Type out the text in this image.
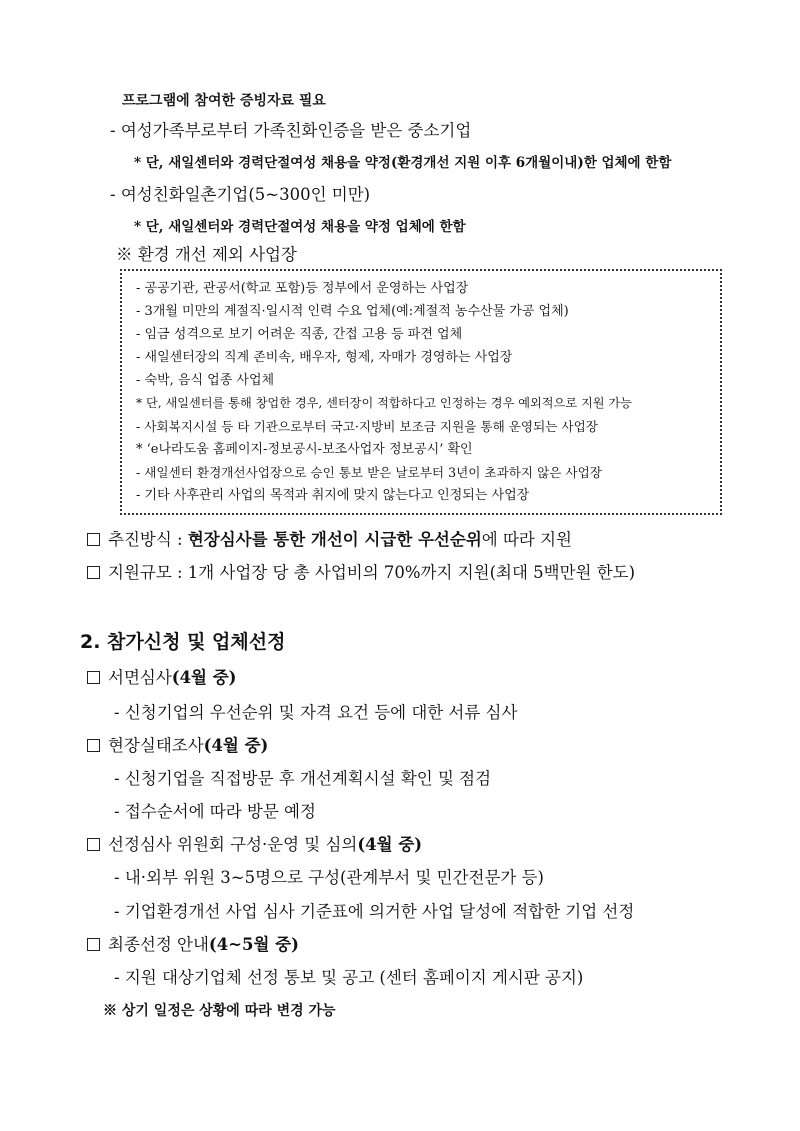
프로그램에 참여한 증빙자료 필요
- 여성가족부로부터 가족친화인증을 받은 중소기업
* 단, 새일센터와 경력단절여성 채용을 약정(환경개선 지원 이후 6개월이내)한 업체에 한함
- 여성친화일촌기업(5~300인 미만)
* 단, 새일센터와 경력단절여성 채용을 약정 업체에 한함
※ 환경 개선 제외 사업장
- 공공기관, 관공서(학교 포함)등 정부에서 운영하는 사업장
- 3개월 미만의 계절직·일시적 인력 수요 업체(예:계절적 농수산물 가공 업체)
- 임금 성격으로 보기 어려운 직종, 간접 고용 등 파견 업체
- 새일센터장의 직계 존비속, 배우자, 형제, 자매가 경영하는 사업장
- 숙박, 음식 업종 사업체
* 단, 새일센터를 통해 창업한 경우, 센터장이 적합하다고 인정하는 경우 예외적으로 지원 가능
- 사회복지시설 등 타 기관으로부터 국고·지방비 보조금 지원을 통해 운영되는 사업장
* ‘e나라도움 홈페이지-정보공시-보조사업자 정보공시’ 확인
- 새일센터 환경개선사업장으로 승인 통보 받은 날로부터 3년이 초과하지 않은 사업장
- 기타 사후관리 사업의 목적과 취지에 맞지 않는다고 인정되는 사업장
추진방식 : 현장심사를 통한 개선이 시급한 우선순위에 따라 지원
지원규모 : 1개 사업장 당 총 사업비의 70%까지 지원(최대 5백만원 한도)
2. 참가신청 및 업체선정
서면심사(4월 중)
- 신청기업의 우선순위 및 자격 요건 등에 대한 서류 심사
현장실태조사(4월 중)
- 신청기업을 직접방문 후 개선계획시설 확인 및 점검
- 접수순서에 따라 방문 예정
선정심사 위원회 구성·운영 및 심의(4월 중)
- 내·외부 위원 3~5명으로 구성(관계부서 및 민간전문가 등)
- 기업환경개선 사업 심사 기준표에 의거한 사업 달성에 적합한 기업 선정
최종선정 안내(4~5월 중)
- 지원 대상기업체 선정 통보 및 공고 (센터 홈페이지 게시판 공지)
※ 상기 일정은 상황에 따라 변경 가능
